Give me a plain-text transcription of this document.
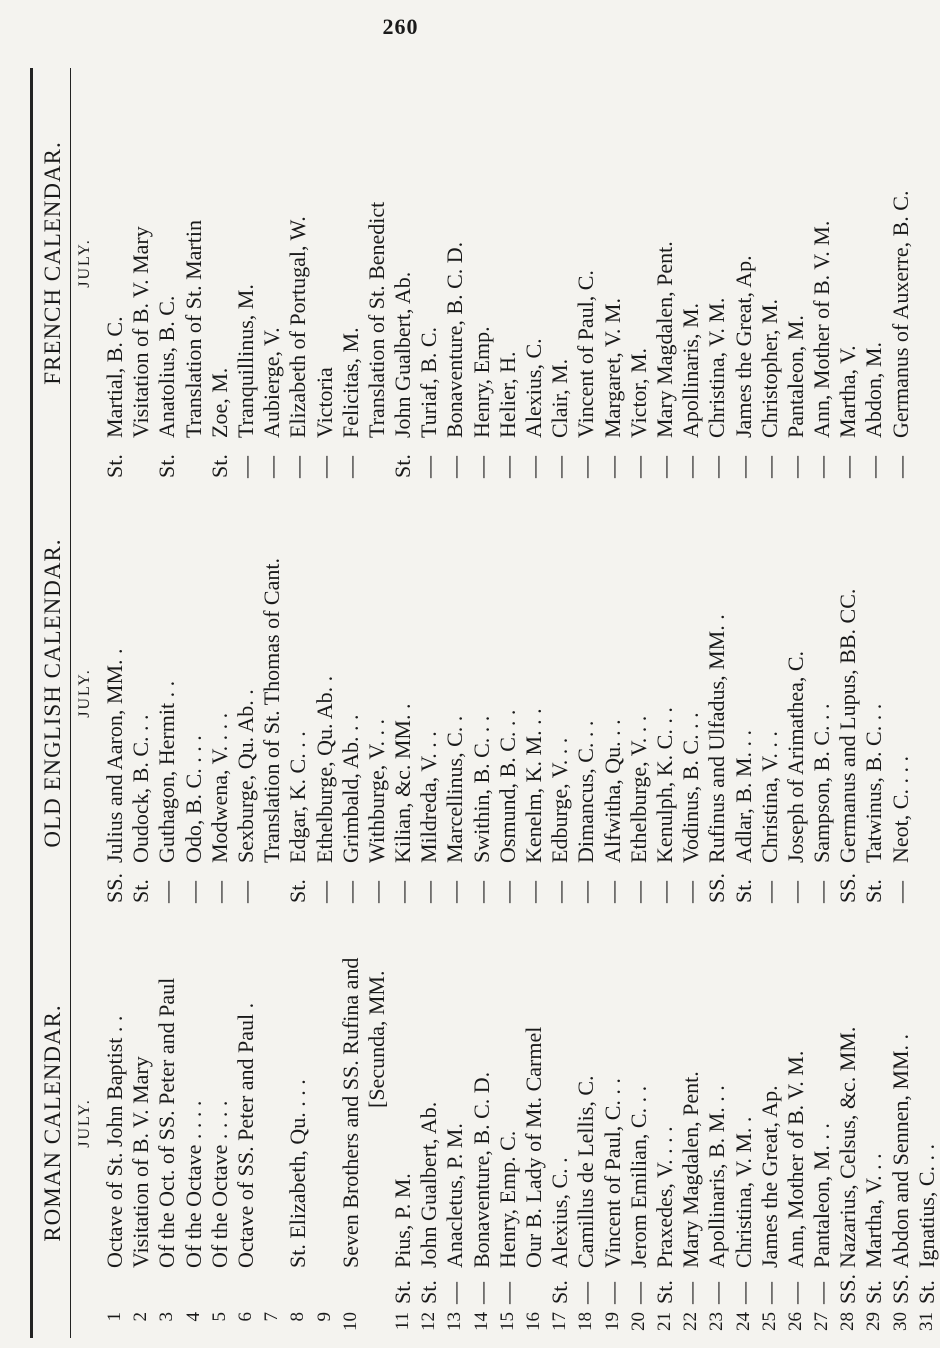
260
ROMAN CALENDAR. JULY.
1
Octave of St. John Baptist . .
2
Visitation of B. V. Mary
3
Of the Oct. of SS. Peter and Paul
4
Of the Octave . . . .
5
Of the Octave . . . .
6
Octave of SS. Peter and Paul .
7 8
St. Elizabeth, Qu. . . .
9 10
Seven Brothers and SS. Rufina and [Secunda, MM.
11
St.
Pius, P. M.
12
St.
John Gualbert, Ab.
13
—
Anacletus, P. M.
14
—
Bonaventure, B. C. D.
15
—
Henry, Emp. C.
16
Our B. Lady of Mt. Carmel
17
St.
Alexius, C. .
18
—
Camillus de Lellis, C.
19
—
Vincent of Paul, C. . .
20
—
Jerom Emilian, C. . .
21
St.
Praxedes, V. . . .
22
—
Mary Magdalen, Pent.
23
—
Apollinaris, B. M. . .
24
—
Christina, V. M. .
25
—
James the Great, Ap.
26
—
Ann, Mother of B. V. M.
27
—
Pantaleon, M. . .
28
SS.
Nazarius, Celsus, &c. MM.
29
St.
Martha, V. . .
30
SS.
Abdon and Sennen, MM. .
31
St.
Ignatius, C. . .
OLD ENGLISH CALENDAR. JULY.
SS.
Julius and Aaron, MM. .
St.
Oudock, B. C. . .
—
Guthagon, Hermit . .
—
Odo, B. C. . . .
—
Modwena, V. . . .
—
Sexburge, Qu. Ab. . Translation of St. Thomas of Cant.
St.
Edgar, K. C. . .
—
Ethelburge, Qu. Ab. .
—
Grimbald, Ab. . .
—
Withburge, V. . .
—
Kilian, &c. MM. .
—
Mildreda, V. . .
—
Marcellinus, C. .
—
Swithin, B. C. . .
—
Osmund, B. C. . .
—
Kenelm, K. M. . .
—
Edburge, V. . .
—
Dimancus, C. . .
—
Alfwitha, Qu. . .
—
Ethelburge, V. . .
—
Kenulph, K. C. . .
—
Vodinus, B. C. . .
SS.
Rufinus and Ulfadus, MM. .
St.
Adlar, B. M. . .
—
Christina, V. . .
—
Joseph of Arimathea, C.
—
Sampson, B. C. . .
SS.
Germanus and Lupus, BB. CC.
St.
Tatwinus, B. C. . .
—
Neot, C. . . .
FRENCH CALENDAR. JULY.
St.
Martial, B. C. Visitation of B. V. Mary
St.
Anatolius, B. C. Translation of St. Martin
St.
Zoe, M.
—
Tranquillinus, M.
—
Aubierge, V.
—
Elizabeth of Portugal, W.
—
Victoria
—
Felicitas, M. Translation of St. Benedict
St.
John Gualbert, Ab.
—
Turiaf, B. C.
—
Bonaventure, B. C. D.
—
Henry, Emp.
—
Helier, H.
—
Alexius, C.
—
Clair, M.
—
Vincent of Paul, C.
—
Margaret, V. M.
—
Victor, M.
—
Mary Magdalen, Pent.
—
Apollinaris, M.
—
Christina, V. M.
—
James the Great, Ap.
—
Christopher, M.
—
Pantaleon, M.
—
Ann, Mother of B. V. M.
—
Martha, V.
—
Abdon, M.
—
Germanus of Auxerre, B. C.
